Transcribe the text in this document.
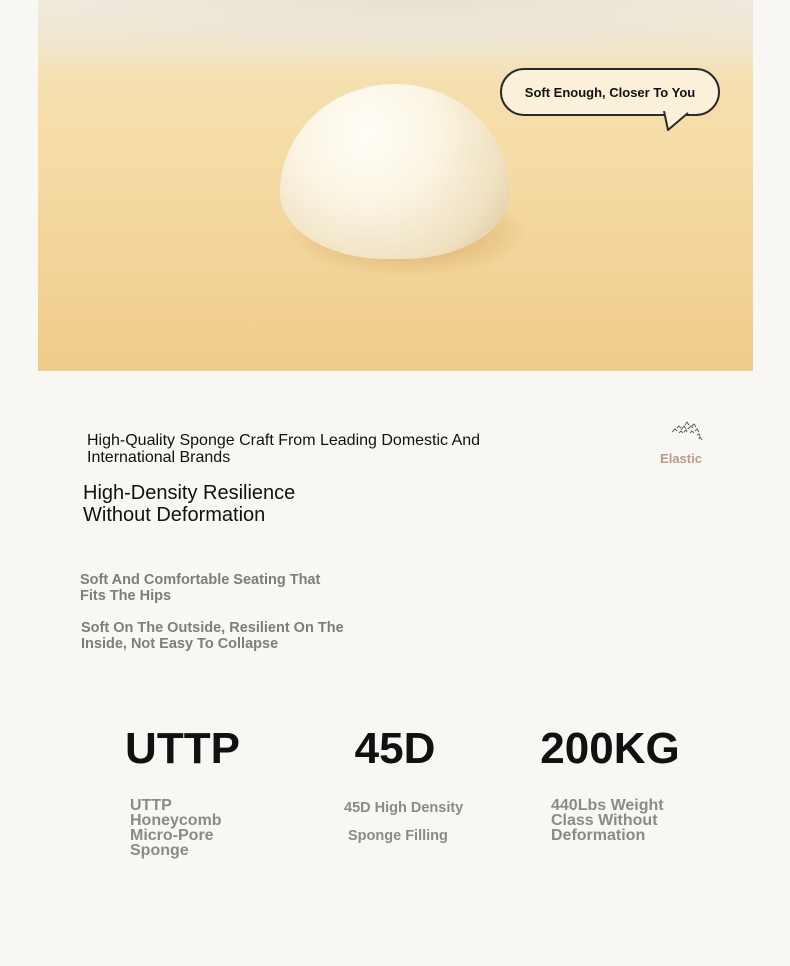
Soft Enough, Closer To You
High-Quality Sponge Craft From Leading Domestic And International Brands
High-Density Resilience
Without Deformation
Elastic
Soft And Comfortable Seating That Fits The Hips
Soft On The Outside, Resilient On The Inside, Not Easy To Collapse
UTTP	45D	200KG
UTTP Honeycomb Micro-Pore Sponge
45D High Density
Sponge Filling
440Lbs Weight Class Without Deformation
